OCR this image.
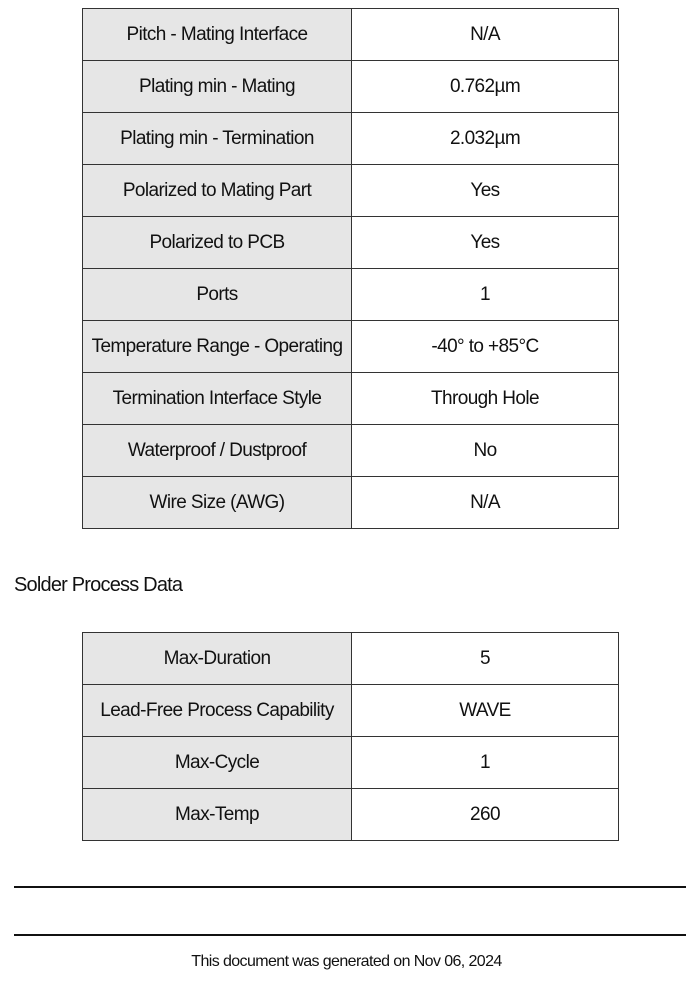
Pitch - Mating Interface	N/A
Plating min - Mating	0.762µm
Plating min - Termination	2.032µm
Polarized to Mating Part	Yes
Polarized to PCB	Yes
Ports	1
Temperature Range - Operating	-40° to +85°C
Termination Interface Style	Through Hole
Waterproof / Dustproof	No
Wire Size (AWG)	N/A
Solder Process Data
Max-Duration	5
Lead-Free Process Capability	WAVE
Max-Cycle	1
Max-Temp	260
This document was generated on Nov 06, 2024
